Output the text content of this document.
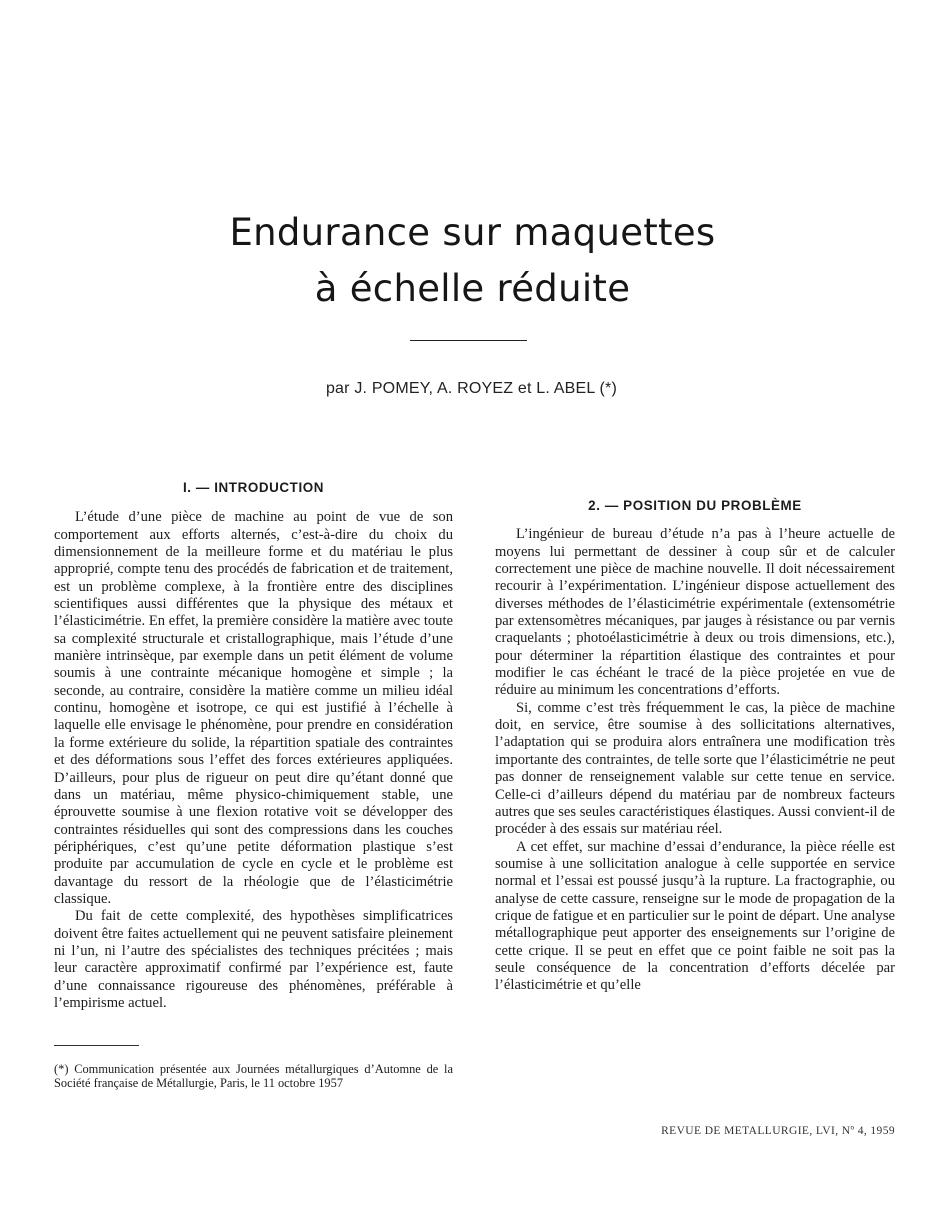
Endurance sur maquettes
à échelle réduite
par J. POMEY, A. ROYEZ et L. ABEL (*)
I. — INTRODUCTION

L’étude d’une pièce de machine au point de vue de son comportement aux efforts alternés, c’est-à-dire du choix du dimensionnement de la meilleure forme et du matériau le plus approprié, compte tenu des procédés de fabrication et de traitement, est un problème complexe, à la frontière entre des disciplines scientifiques aussi différentes que la physique des métaux et l’élasticimétrie. En effet, la première considère la matière avec toute sa complexité structurale et cristallographique, mais l’étude d’une manière intrinsèque, par exemple dans un petit élément de volume soumis à une contrainte mécanique homogène et simple ; la seconde, au contraire, considère la matière comme un milieu idéal continu, homogène et isotrope, ce qui est justifié à l’échelle à laquelle elle envisage le phénomène, pour prendre en considération la forme extérieure du solide, la répartition spatiale des contraintes et des déformations sous l’effet des forces extérieures appliquées. D’ailleurs, pour plus de rigueur on peut dire qu’étant donné que dans un matériau, même physico-chimiquement stable, une éprouvette soumise à une flexion rotative voit se développer des contraintes résiduelles qui sont des compressions dans les couches périphériques, c’est qu’une petite déformation plastique s’est produite par accumulation de cycle en cycle et le problème est davantage du ressort de la rhéologie que de l’élasticimétrie classique.

Du fait de cette complexité, des hypothèses simplificatrices doivent être faites actuellement qui ne peuvent satisfaire pleinement ni l’un, ni l’autre des spécialistes des techniques précitées ; mais leur caractère approximatif confirmé par l’expérience est, faute d’une connaissance rigoureuse des phénomènes, préférable à l’empirisme actuel.

2. — POSITION DU PROBLÈME

L’ingénieur de bureau d’étude n’a pas à l’heure actuelle de moyens lui permettant de dessiner à coup sûr et de calculer correctement une pièce de machine nouvelle. Il doit nécessairement recourir à l’expérimentation. L’ingénieur dispose actuellement des diverses méthodes de l’élasticimétrie expérimentale (extensométrie par extensomètres mécaniques, par jauges à résistance ou par vernis craquelants ; photoélasticimétrie à deux ou trois dimensions, etc.), pour déterminer la répartition élastique des contraintes et pour modifier le cas échéant le tracé de la pièce projetée en vue de réduire au minimum les concentrations d’efforts.

Si, comme c’est très fréquemment le cas, la pièce de machine doit, en service, être soumise à des sollicitations alternatives, l’adaptation qui se produira alors entraînera une modification très importante des contraintes, de telle sorte que l’élasticimétrie ne peut pas donner de renseignement valable sur cette tenue en service. Celle-ci d’ailleurs dépend du matériau par de nombreux facteurs autres que ses seules caractéristiques élastiques. Aussi convient-il de procéder à des essais sur matériau réel.

A cet effet, sur machine d’essai d’endurance, la pièce réelle est soumise à une sollicitation analogue à celle supportée en service normal et l’essai est poussé jusqu’à la rupture. La fractographie, ou analyse de cette cassure, renseigne sur le mode de propagation de la crique de fatigue et en particulier sur le point de départ. Une analyse métallographique peut apporter des enseignements sur l’origine de cette crique. Il se peut en effet que ce point faible ne soit pas la seule conséquence de la concentration d’efforts décelée par l’élasticimétrie et qu’elle

(*) Communication présentée aux Journées métallurgiques d’Automne de la Société française de Métallurgie, Paris, le 11 octobre 1957
REVUE DE METALLURGIE, LVI, Nº 4, 1959
